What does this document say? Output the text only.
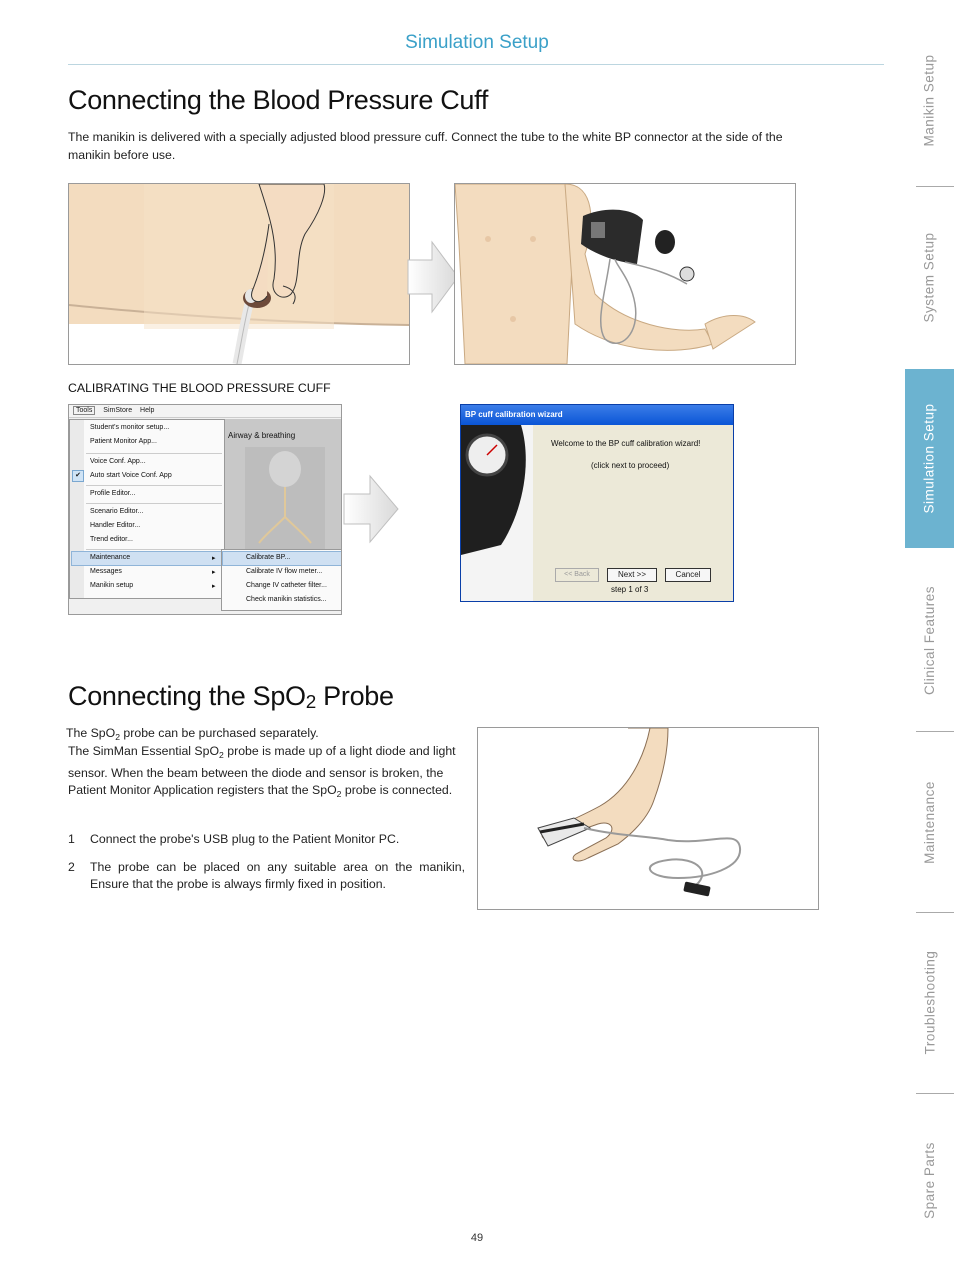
Simulation Setup
Connecting the Blood Pressure Cuff
The manikin is delivered with a specially adjusted blood pressure cuff. Connect the tube to the white BP connector at the side of the manikin before use.
CALIBRATING THE BLOOD PRESSURE CUFF
Tools SimStore Help
Student's monitor setup...
Patient Monitor App...
Voice Conf. App...
✔	Auto start Voice Conf. App
Profile Editor...
Scenario Editor...
Handler Editor...
Trend editor...
Maintenance
Messages
Manikin setup
▸
▸
▸
Airway & breathing
Calibrate BP...
Calibrate IV flow meter...
Change IV catheter filter...
Check manikin statistics...
BP cuff calibration wizard
Welcome to the BP cuff calibration wizard!
(click next to proceed)
<< Back	Next >>	Cancel
step 1 of 3
Connecting the SpO2 Probe
The SpO$_2$ probe can be purchased separately.
The SimMan Essential SpO$_2$ probe is made up of a light diode and light sensor. When the beam between the diode and sensor is broken, the Patient Monitor Application registers that the SpO$_2$ probe is connected.
1	Connect the probe's USB plug to the Patient Monitor PC.
2	The probe can be placed on any suitable area on the manikin, Ensure that the probe is always firmly fixed in position.
Manikin Setup
System Setup
Simulation Setup
Clinical Features
Maintenance
Troubleshooting
Spare Parts
49
